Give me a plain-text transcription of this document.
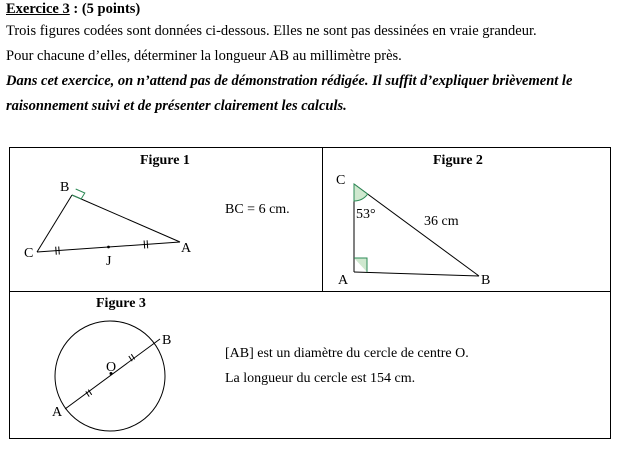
Exercice 3 : (5 points)
Trois figures codées sont données ci-dessous. Elles ne sont pas dessinées en vraie grandeur.
Pour chacune d’elles, déterminer la longueur AB au millimètre près.
Dans cet exercice, on n’attend pas de démonstration rédigée. Il suffit d’expliquer brièvement le
raisonnement suivi et de présenter clairement les calculs.
Figure 1
BC = 6 cm.
B
C	A
J
Figure 2
C
A	B
53°	36 cm
Figure 3
[AB] est un diamètre du cercle de centre O.
La longueur du cercle est 154 cm.
O
B
A
